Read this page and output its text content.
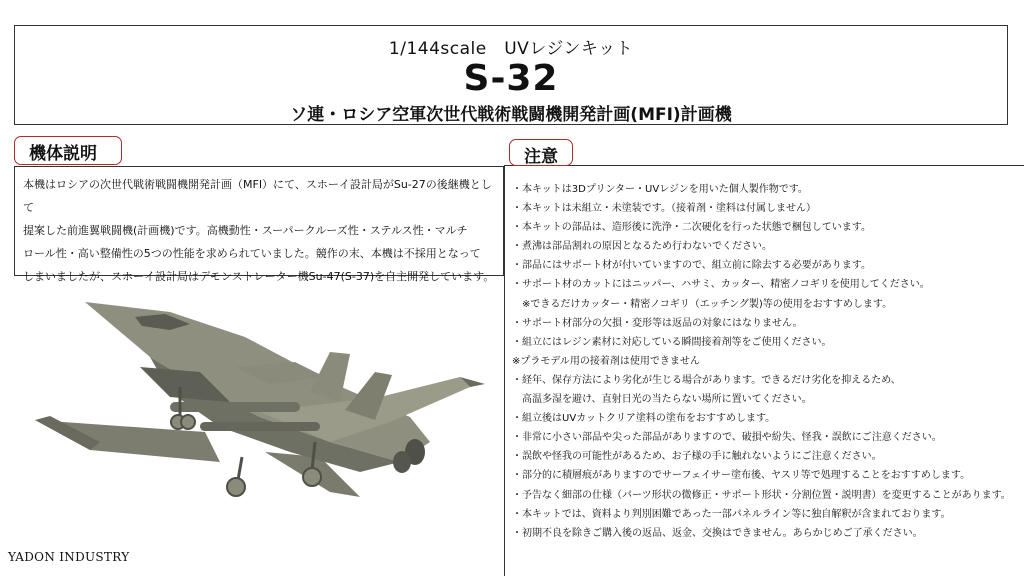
1/144scale　UVレジンキット
S-32
ソ連・ロシア空軍次世代戦術戦闘機開発計画(MFI)計画機
機体説明
本機はロシアの次世代戦術戦闘機開発計画（MFI）にて、スホーイ設計局がSu-27の後継機として
提案した前進翼戦闘機(計画機)です。高機動性・スーパークルーズ性・ステルス性・マルチ
ロール性・高い整備性の5つの性能を求められていました。競作の末、本機は不採用となって
しまいましたが、スホーイ設計局はデモンストレーター機Su-47(S-37)を自主開発しています。
注意
・本キットは3Dプリンター・UVレジンを用いた個人製作物です。
・本キットは未組立・未塗装です。（接着剤・塗料は付属しません）
・本キットの部品は、造形後に洗浄・二次硬化を行った状態で梱包しています。
・煮沸は部品割れの原因となるため行わないでください。
・部品にはサポート材が付いていますので、組立前に除去する必要があります。
・サポート材のカットにはニッパー、ハサミ、カッター、精密ノコギリを使用してください。
　※できるだけカッター・精密ノコギリ（エッチング製)等の使用をおすすめします。
・サポート材部分の欠損・変形等は返品の対象にはなりません。
・組立にはレジン素材に対応している瞬間接着剤等をご使用ください。
※プラモデル用の接着剤は使用できません
・経年、保存方法により劣化が生じる場合があります。できるだけ劣化を抑えるため、
　高温多湿を避け、直射日光の当たらない場所に置いてください。
・組立後はUVカットクリア塗料の塗布をおすすめします。
・非常に小さい部品や尖った部品がありますので、破損や紛失、怪我・誤飲にご注意ください。
・誤飲や怪我の可能性があるため、お子様の手に触れないようにご注意ください。
・部分的に積層痕がありますのでサーフェイサー塗布後、ヤスリ等で処理することをおすすめします。
・予告なく細部の仕様（パーツ形状の微修正・サポート形状・分割位置・説明書）を変更することがあります。
・本キットでは、資料より判別困難であった一部パネルライン等に独自解釈が含まれております。
・初期不良を除きご購入後の返品、返金、交換はできません。あらかじめご了承ください。
YADON INDUSTRY
